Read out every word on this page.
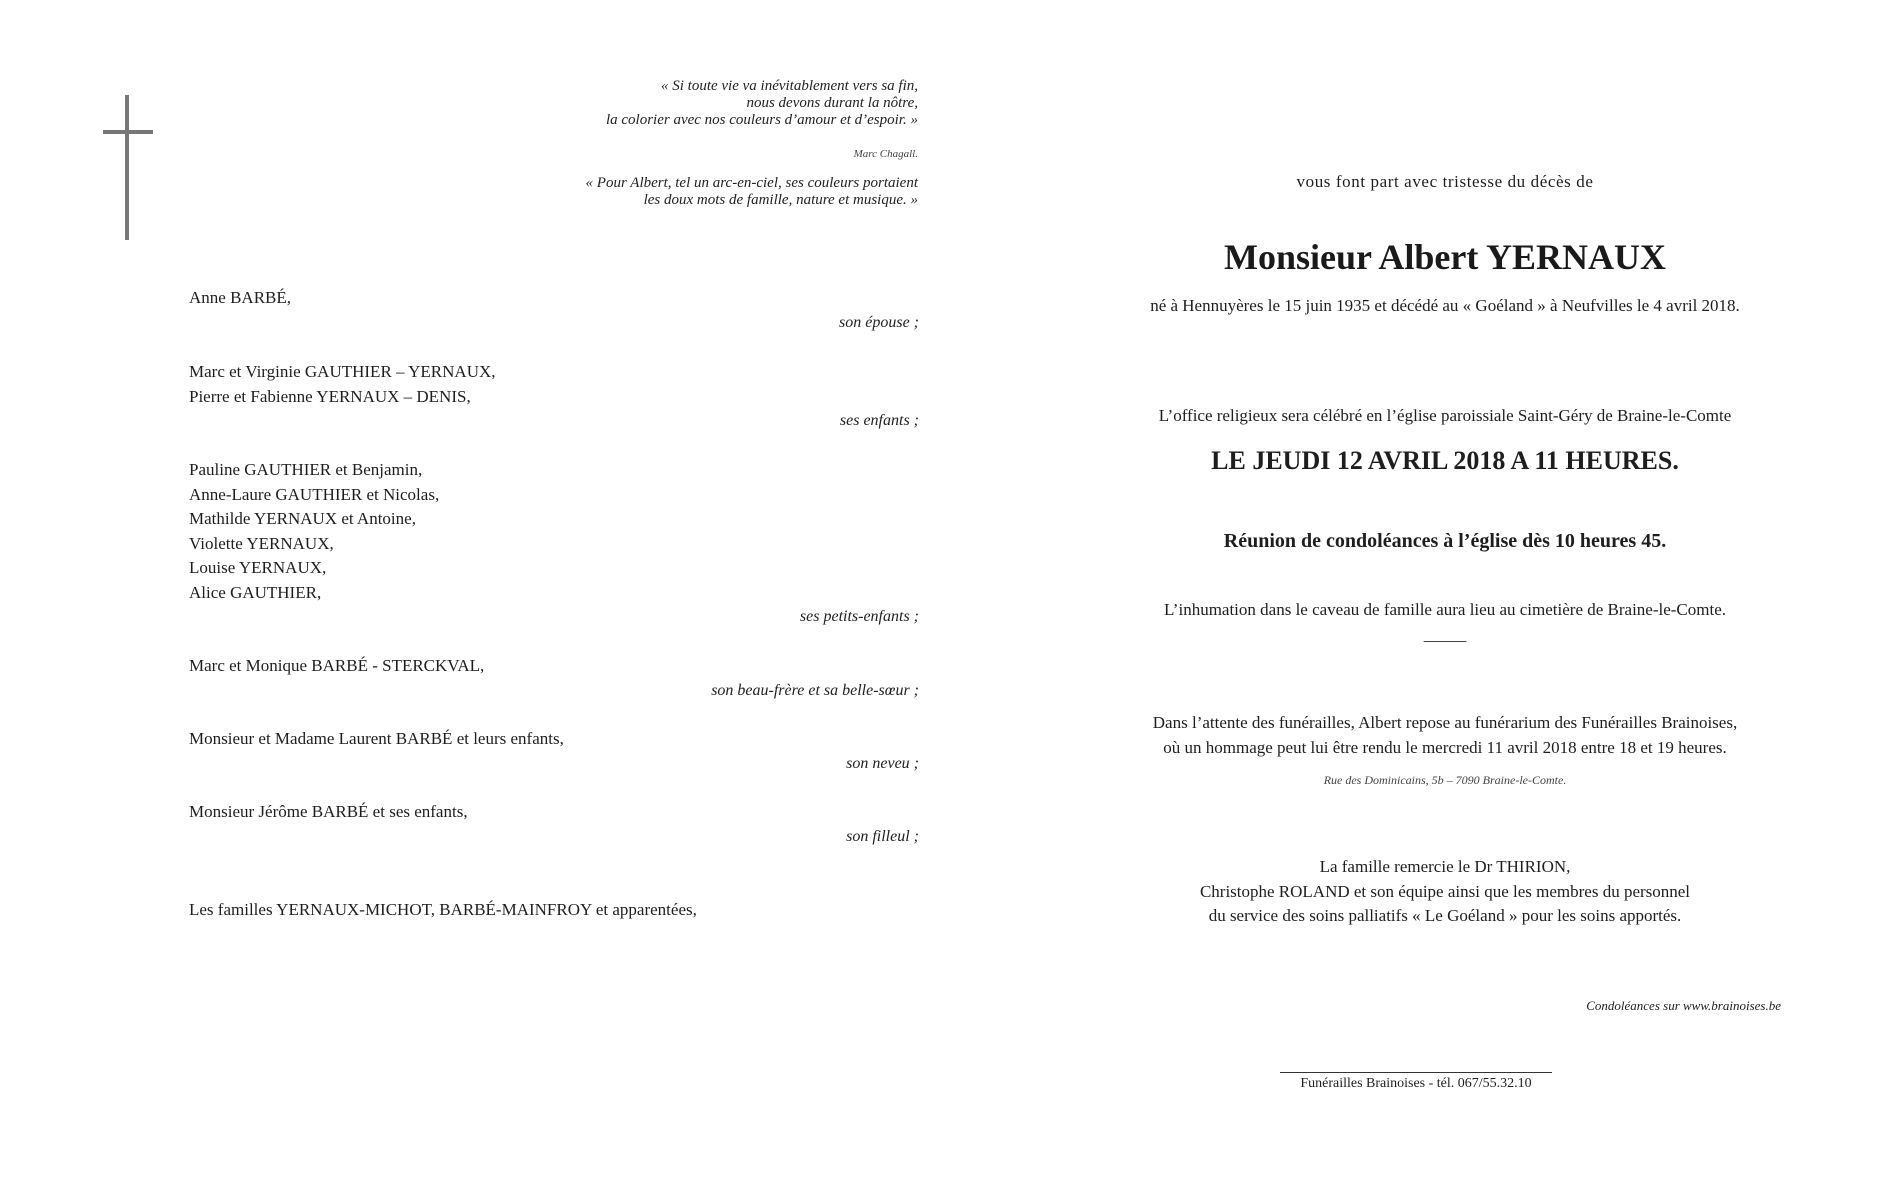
« Si toute vie va inévitablement vers sa fin,
nous devons durant la nôtre,
la colorier avec nos couleurs d’amour et d’espoir. »
Marc Chagall.
« Pour Albert, tel un arc-en-ciel, ses couleurs portaient
les doux mots de famille, nature et musique. »
Anne BARBÉ,
son épouse ;
Marc et Virginie GAUTHIER – YERNAUX,
Pierre et Fabienne YERNAUX – DENIS,
ses enfants ;
Pauline GAUTHIER et Benjamin,
Anne-Laure GAUTHIER et Nicolas,
Mathilde YERNAUX et Antoine,
Violette YERNAUX,
Louise YERNAUX,
Alice GAUTHIER,
ses petits-enfants ;
Marc et Monique BARBÉ - STERCKVAL,
son beau-frère et sa belle-sœur ;
Monsieur et Madame Laurent BARBÉ et leurs enfants,
son neveu ;
Monsieur Jérôme BARBÉ et ses enfants,
son filleul ;
Les familles YERNAUX-MICHOT, BARBÉ-MAINFROY et apparentées,
vous font part avec tristesse du décès de
Monsieur Albert YERNAUX
né à Hennuyères le 15 juin 1935 et décédé au « Goéland » à Neufvilles le 4 avril 2018.
L’office religieux sera célébré en l’église paroissiale Saint-Géry de Braine-le-Comte
LE JEUDI 12 AVRIL 2018 A 11 HEURES.
Réunion de condoléances à l’église dès 10 heures 45.
L’inhumation dans le caveau de famille aura lieu au cimetière de Braine-le-Comte.
_____
Dans l’attente des funérailles, Albert repose au funérarium des Funérailles Brainoises,
où un hommage peut lui être rendu le mercredi 11 avril 2018 entre 18 et 19 heures.
Rue des Dominicains, 5b – 7090 Braine-le-Comte.
La famille remercie le Dr THIRION,
Christophe ROLAND et son équipe ainsi que les membres du personnel
du service des soins palliatifs « Le Goéland » pour les soins apportés.
Condoléances sur www.brainoises.be
Funérailles Brainoises - tél. 067/55.32.10
